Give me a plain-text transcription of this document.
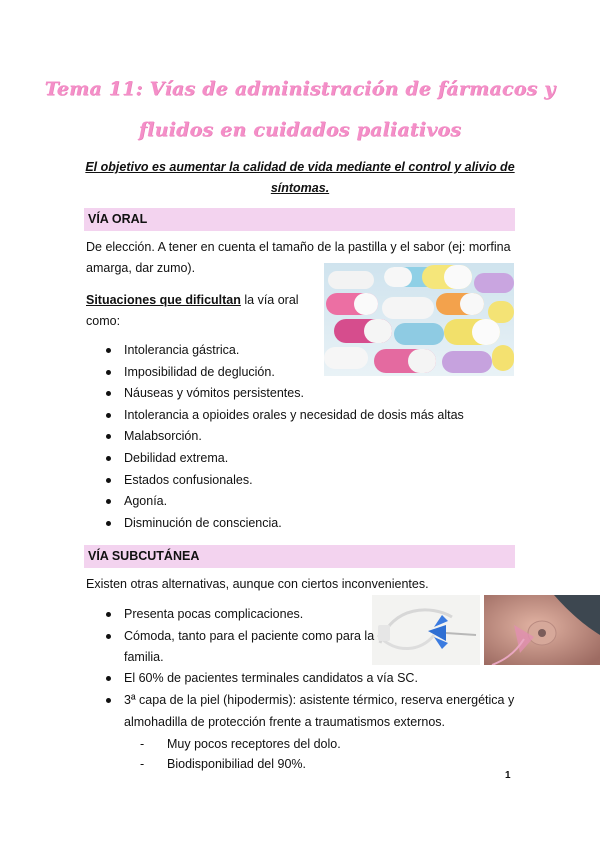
Tema 11: Vías de administración de fármacos y
fluidos en cuidados paliativos
El objetivo es aumentar la calidad de vida mediante el control y alivio de
síntomas.
VÍA ORAL
De elección. A tener en cuenta el tamaño de la pastilla y el sabor (ej: morfina
amarga, dar zumo).
Situaciones que dificultan la vía oral
como:
Intolerancia gástrica.
Imposibilidad de deglución.
Náuseas y vómitos persistentes.
Intolerancia a opioides orales y necesidad de dosis más altas
Malabsorción.
Debilidad extrema.
Estados confusionales.
Agonía.
Disminución de consciencia.
VÍA SUBCUTÁNEA
Existen otras alternativas, aunque con ciertos inconvenientes.
Presenta pocas complicaciones.
Cómoda, tanto para el paciente como para la
familia.
El 60% de pacientes terminales candidatos a vía SC.
3ª capa de la piel (hipodermis): asistente térmico, reserva energética y
almohadilla de protección frente a traumatismos externos.
- Muy pocos receptores del dolo.
- Biodisponibiliad del 90%.
1
